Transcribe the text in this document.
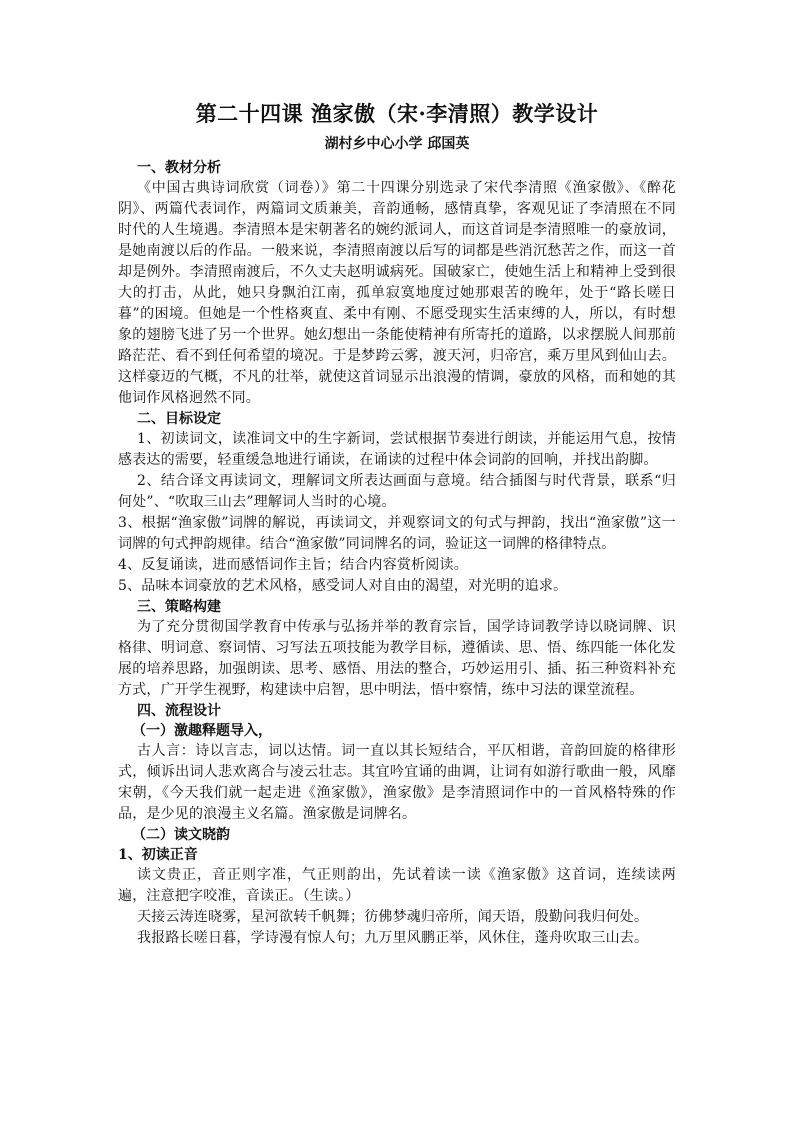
第二十四课 渔家傲（宋·李清照）教学设计
湖村乡中心小学 邱国英
一、教材分析

《中国古典诗词欣赏（词卷）》第二十四课分别选录了宋代李清照《渔家傲》、《醉花阴》、两篇代表词作，两篇词文质兼美，音韵通畅，感情真挚，客观见证了李清照在不同时代的人生境遇。李清照本是宋朝著名的婉约派词人，而这首词是李清照唯一的豪放词，是她南渡以后的作品。一般来说，李清照南渡以后写的词都是些消沉愁苦之作，而这一首却是例外。李清照南渡后，不久丈夫赵明诚病死。国破家亡，使她生活上和精神上受到很大的打击，从此，她只身飘泊江南，孤单寂寞地度过她那艰苦的晚年，处于“路长嗟日暮”的困境。但她是一个性格爽直、柔中有刚、不愿受现实生活束缚的人，所以，有时想象的翅膀飞进了另一个世界。她幻想出一条能使精神有所寄托的道路，以求摆脱人间那前路茫茫、看不到任何希望的境况。于是梦跨云雾，渡天河，归帝宫，乘万里风到仙山去。这样豪迈的气概，不凡的壮举，就使这首词显示出浪漫的情调，豪放的风格，而和她的其他词作风格迥然不同。

二、目标设定

1、初读词文，读准词文中的生字新词，尝试根据节奏进行朗读，并能运用气息，按情感表达的需要，轻重缓急地进行诵读，在诵读的过程中体会词韵的回响，并找出韵脚。

2、结合译文再读词文，理解词文所表达画面与意境。结合插图与时代背景，联系“归何处”、“吹取三山去”理解词人当时的心境。

3、根据“渔家傲”词牌的解说，再读词文，并观察词文的句式与押韵，找出“渔家傲”这一词牌的句式押韵规律。结合“渔家傲”同词牌名的词，验证这一词牌的格律特点。

4、反复诵读，进而感悟词作主旨；结合内容赏析阅读。

5、品味本词豪放的艺术风格，感受词人对自由的渴望，对光明的追求。

三、策略构建

为了充分贯彻国学教育中传承与弘扬并举的教育宗旨，国学诗词教学诗以晓词牌、识格律、明词意、察词情、习写法五项技能为教学目标，遵循读、思、悟、练四能一体化发展的培养思路，加强朗读、思考、感悟、用法的整合，巧妙运用引、插、拓三种资料补充方式，广开学生视野，构建读中启智，思中明法，悟中察情，练中习法的课堂流程。

四、流程设计
（一）激趣释题导入，

古人言：诗以言志，词以达情。词一直以其长短结合，平仄相谐，音韵回旋的格律形式，倾诉出词人悲欢离合与凌云壮志。其宜吟宜诵的曲调，让词有如游行歌曲一般，风靡宋朝，《今天我们就一起走进《渔家傲》，渔家傲》是李清照词作中的一首风格特殊的作品，是少见的浪漫主义名篇。渔家傲是词牌名。

（二）读文晓韵
1、初读正音

读文贵正，音正则字准，气正则韵出，先试着读一读《渔家傲》这首词，连续读两遍，注意把字咬准，音读正。（生读。）

天接云涛连晓雾，星河欲转千帆舞；彷佛梦魂归帝所，闻天语，殷勤问我归何处。

我报路长嗟日暮，学诗漫有惊人句；九万里风鹏正举，风休住，蓬舟吹取三山去。
